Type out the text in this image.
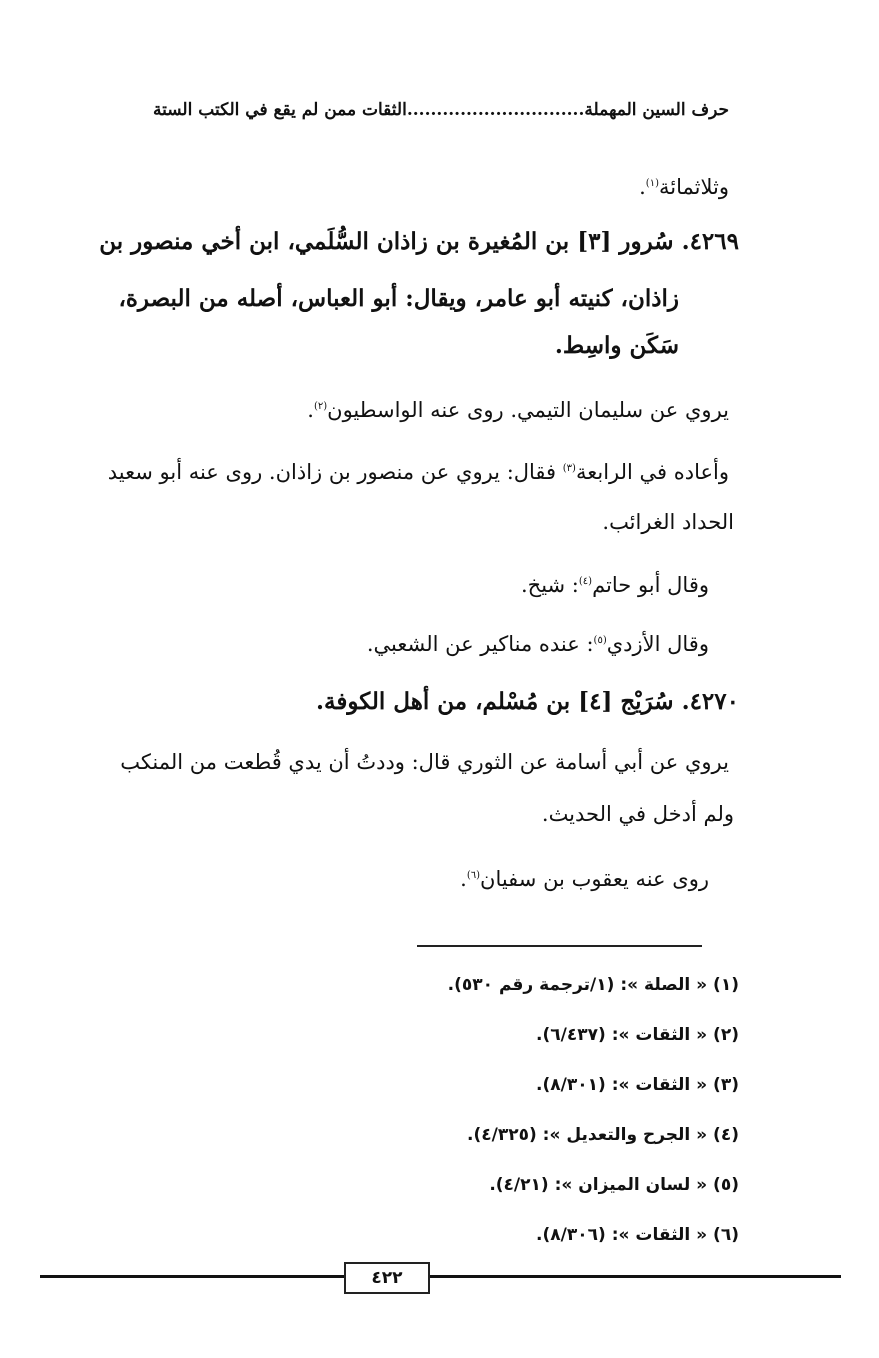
حرف السين المهملة..............................الثقات ممن لم يقع في الكتب الستة
وثلاثمائة$^{(١)}$.
٤٢٦٩. سُرور [٣] بن المُغيرة بن زاذان السُّلَمي، ابن أخي منصور بن
زاذان، كنيته أبو عامر، ويقال: أبو العباس، أصله من البصرة،
سَكَن واسِط.
يروي عن سليمان التيمي. روى عنه الواسطيون$^{(٢)}$.
وأعاده في الرابعة$^{(٣)}$ فقال: يروي عن منصور بن زاذان. روى عنه أبو سعيد
الحداد الغرائب.
وقال أبو حاتم$^{(٤)}$: شيخ.
وقال الأزدي$^{(٥)}$: عنده مناكير عن الشعبي.
٤٢٧٠. سُرَيْج [٤] بن مُسْلم، من أهل الكوفة.
يروي عن أبي أسامة عن الثوري قال: وددتُ أن يدي قُطعت من المنكب
ولم أدخل في الحديث.
روى عنه يعقوب بن سفيان$^{(٦)}$.
(١) « الصلة »: (١/ترجمة رقم ٥٣٠).
(٢) « الثقات »: (٦/٤٣٧).
(٣) « الثقات »: (٨/٣٠١).
(٤) « الجرح والتعديل »: (٤/٣٢٥).
(٥) « لسان الميزان »: (٤/٢١).
(٦) « الثقات »: (٨/٣٠٦).
٤٢٢
